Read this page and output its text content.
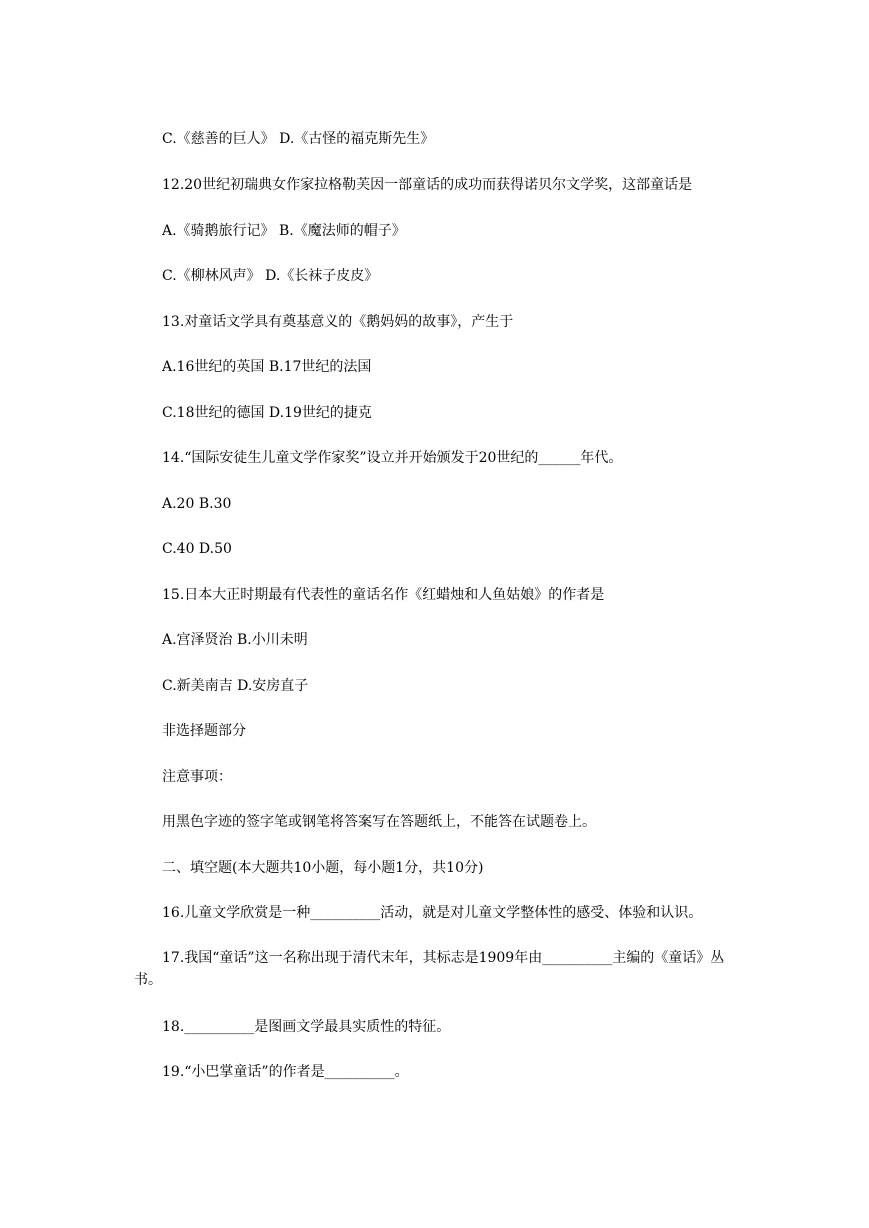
C.《慈善的巨人》 D.《古怪的福克斯先生》
12.20世纪初瑞典女作家拉格勒芙因一部童话的成功而获得诺贝尔文学奖，这部童话是
A.《骑鹅旅行记》 B.《魔法师的帽子》
C.《柳林风声》 D.《长袜子皮皮》
13.对童话文学具有奠基意义的《鹅妈妈的故事》，产生于
A.16世纪的英国 B.17世纪的法国
C.18世纪的德国 D.19世纪的捷克
14.“国际安徒生儿童文学作家奖”设立并开始颁发于20世纪的______年代。
A.20 B.30
C.40 D.50
15.日本大正时期最有代表性的童话名作《红蜡烛和人鱼姑娘》的作者是
A.宫泽贤治 B.小川未明
C.新美南吉 D.安房直子
非选择题部分
注意事项：
用黑色字迹的签字笔或钢笔将答案写在答题纸上，不能答在试题卷上。
二、填空题(本大题共10小题，每小题1分，共10分)
16.儿童文学欣赏是一种__________活动，就是对儿童文学整体性的感受、体验和认识。
17.我国“童话”这一名称出现于清代末年，其标志是1909年由__________主编的《童话》丛书。
18.__________是图画文学最具实质性的特征。
19.“小巴掌童话”的作者是__________。
